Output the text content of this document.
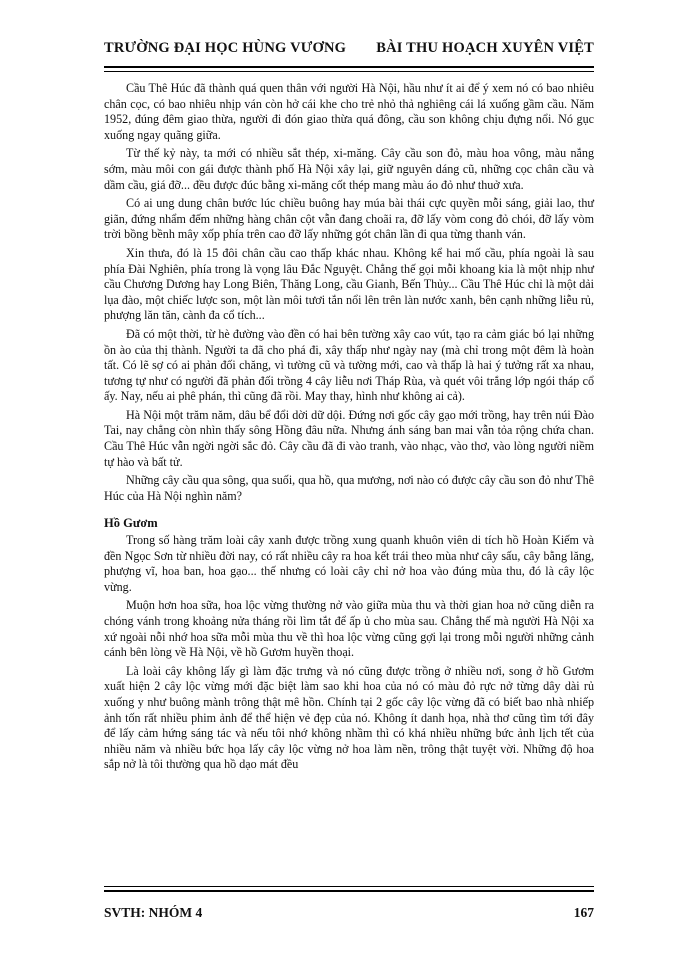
TRƯỜNG ĐẠI HỌC HÙNG VƯƠNG BÀI THU HOẠCH XUYÊN VIỆT

Cầu Thê Húc đã thành quá quen thân với người Hà Nội, hầu như ít ai để ý xem nó có bao nhiêu chân cọc, có bao nhiêu nhịp ván còn hở cái khe cho trẻ nhỏ thả nghiêng cái lá xuống gầm cầu. Năm 1952, đúng đêm giao thừa, người đi đón giao thừa quá đông, cầu son không chịu đựng nổi. Nó gục xuống ngay quãng giữa.

Từ thế kỷ này, ta mới có nhiều sắt thép, xi-măng. Cây cầu son đỏ, màu hoa vông, màu nắng sớm, màu môi con gái được thành phố Hà Nội xây lại, giữ nguyên dáng cũ, những cọc chân cầu và dầm cầu, giá đỡ... đều được đúc bằng xi-măng cốt thép mang màu áo đỏ như thuở xưa.

Có ai ung dung chân bước lúc chiều buông hay múa bài thái cực quyền mỗi sáng, giải lao, thư giãn, đứng nhẩm đếm những hàng chân cột vẫn đang choãi ra, đỡ lấy vòm cong đỏ chói, đỡ lấy vòm trời bồng bềnh mây xốp phía trên cao đỡ lấy những gót chân lần đi qua từng thanh ván.

Xin thưa, đó là 15 đôi chân cầu cao thấp khác nhau. Không kể hai mố cầu, phía ngoài là sau phía Đài Nghiên, phía trong là vọng lâu Đắc Nguyệt. Chẳng thế gọi mỗi khoang kia là một nhịp như cầu Chương Dương hay Long Biên, Thăng Long, cầu Gianh, Bến Thủy... Cầu Thê Húc chỉ là một dải lụa đào, một chiếc lược son, một làn môi tươi tắn nổi lên trên làn nước xanh, bên cạnh những liễu rủ, phượng lăn tăn, cành đa cổ tích...

Đã có một thời, từ hè đường vào đền có hai bên tường xây cao vút, tạo ra cảm giác bó lại những ồn ào của thị thành. Người ta đã cho phá đi, xây thấp như ngày nay (mà chỉ trong một đêm là hoàn tất. Có lẽ sợ có ai phản đối chăng, vì tường cũ và tường mới, cao và thấp là hai ý tưởng rất xa nhau, tương tự như có người đã phản đối trồng 4 cây liễu nơi Tháp Rùa, và quét vôi trắng lớp ngói tháp cổ ấy. Nay, nếu ai phê phán, thì cũng đã rồi. May thay, hình như không ai cả).

Hà Nội một trăm năm, dâu bể đổi dời dữ dội. Đứng nơi gốc cây gạo mới trồng, hay trên núi Đào Tai, nay chẳng còn nhìn thấy sông Hồng đâu nữa. Nhưng ánh sáng ban mai vẫn tỏa rộng chứa chan. Cầu Thê Húc vẫn ngời ngời sắc đỏ. Cây cầu đã đi vào tranh, vào nhạc, vào thơ, vào lòng người niềm tự hào và bất tử.

Những cây cầu qua sông, qua suối, qua hồ, qua mương, nơi nào có được cây cầu son đỏ như Thê Húc của Hà Nội nghìn năm?

Hồ Gươm

Trong số hàng trăm loài cây xanh được trồng xung quanh khuôn viên di tích hồ Hoàn Kiếm và đền Ngọc Sơn từ nhiều đời nay, có rất nhiều cây ra hoa kết trái theo mùa như cây sấu, cây bằng lăng, phượng vĩ, hoa ban, hoa gạo... thế nhưng có loài cây chỉ nở hoa vào đúng mùa thu, đó là cây lộc vừng.

Muộn hơn hoa sữa, hoa lộc vừng thường nở vào giữa mùa thu và thời gian hoa nở cũng diễn ra chóng vánh trong khoảng nửa tháng rồi lìm tắt để ấp ủ cho mùa sau. Chẳng thế mà người Hà Nội xa xứ ngoài nỗi nhớ hoa sữa mỗi mùa thu về thì hoa lộc vừng cũng gợi lại trong mỗi người những cảnh cánh bên lòng về Hà Nội, về hồ Gươm huyền thoại.

Là loài cây không lấy gì làm đặc trưng và nó cũng được trồng ở nhiều nơi, song ở hồ Gươm xuất hiện 2 cây lộc vừng mới đặc biệt làm sao khi hoa của nó có màu đỏ rực nở từng dây dài rủ xuống y như buông mành trông thật mê hồn. Chính tại 2 gốc cây lộc vừng đã có biết bao nhà nhiếp ảnh tốn rất nhiều phim ảnh để thể hiện vẻ đẹp của nó. Không ít danh họa, nhà thơ cũng tìm tới đây để lấy cảm hứng sáng tác và nếu tôi nhớ không nhầm thì có khá nhiều những bức ảnh lịch tết của nhiều năm và nhiều bức họa lấy cây lộc vừng nở hoa làm nền, trông thật tuyệt vời. Những độ hoa sắp nở là tôi thường qua hồ dạo mát đều

SVTH: NHÓM 4	167
